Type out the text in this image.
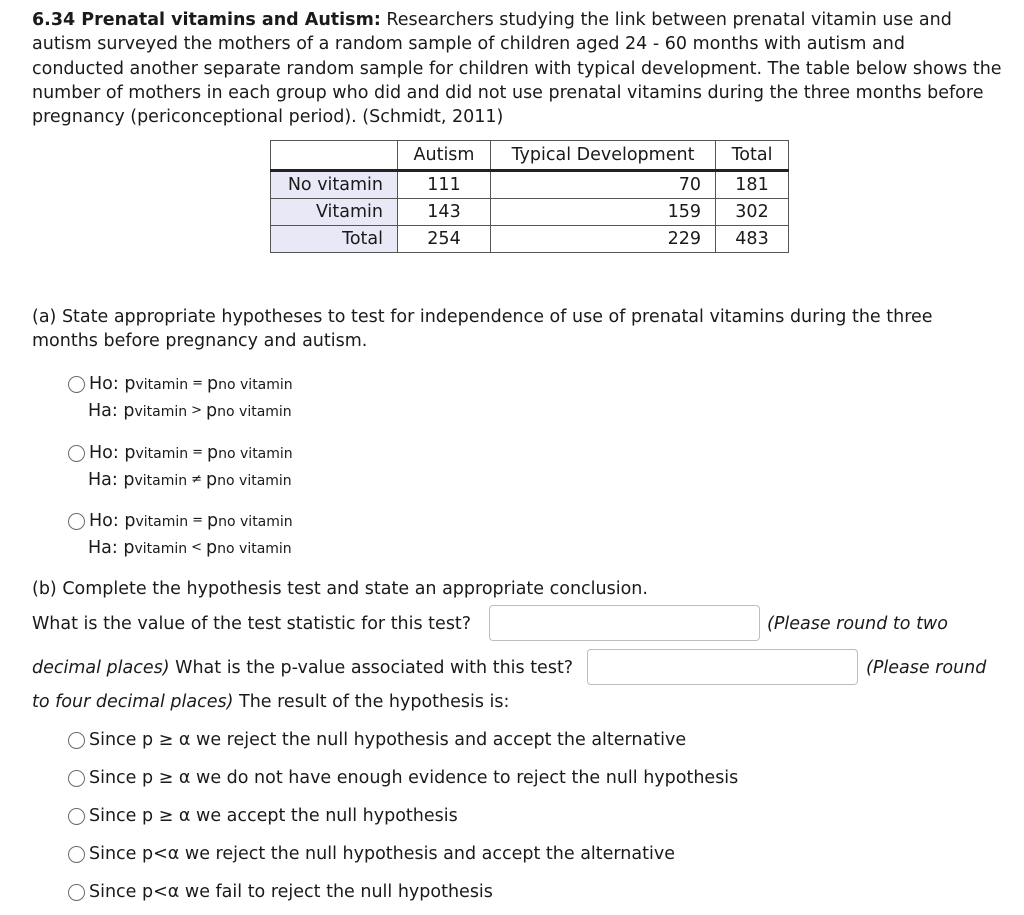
6.34 Prenatal vitamins and Autism: Researchers studying the link between prenatal vitamin use and autism surveyed the mothers of a random sample of children aged 24 - 60 months with autism and conducted another separate random sample for children with typical development. The table below shows the number of mothers in each group who did and did not use prenatal vitamins during the three months before pregnancy (periconceptional period). (Schmidt, 2011)
	Autism	Typical Development	Total
No vitamin	111	70	181
Vitamin	143	159	302
Total	254	229	483
(a) State appropriate hypotheses to test for independence of use of prenatal vitamins during the three months before pregnancy and autism.
Ho: pvitamin = pno vitamin
Ha: pvitamin > pno vitamin
Ho: pvitamin = pno vitamin
Ha: pvitamin ≠ pno vitamin
Ho: pvitamin = pno vitamin
Ha: pvitamin < pno vitamin
(b) Complete the hypothesis test and state an appropriate conclusion.
What is the value of the test statistic for this test?	(Please round to two
decimal places) What is the p-value associated with this test?	(Please round
to four decimal places) The result of the hypothesis is:
Since p ≥ α we reject the null hypothesis and accept the alternative
Since p ≥ α we do not have enough evidence to reject the null hypothesis
Since p ≥ α we accept the null hypothesis
Since p<α we reject the null hypothesis and accept the alternative
Since p<α we fail to reject the null hypothesis
